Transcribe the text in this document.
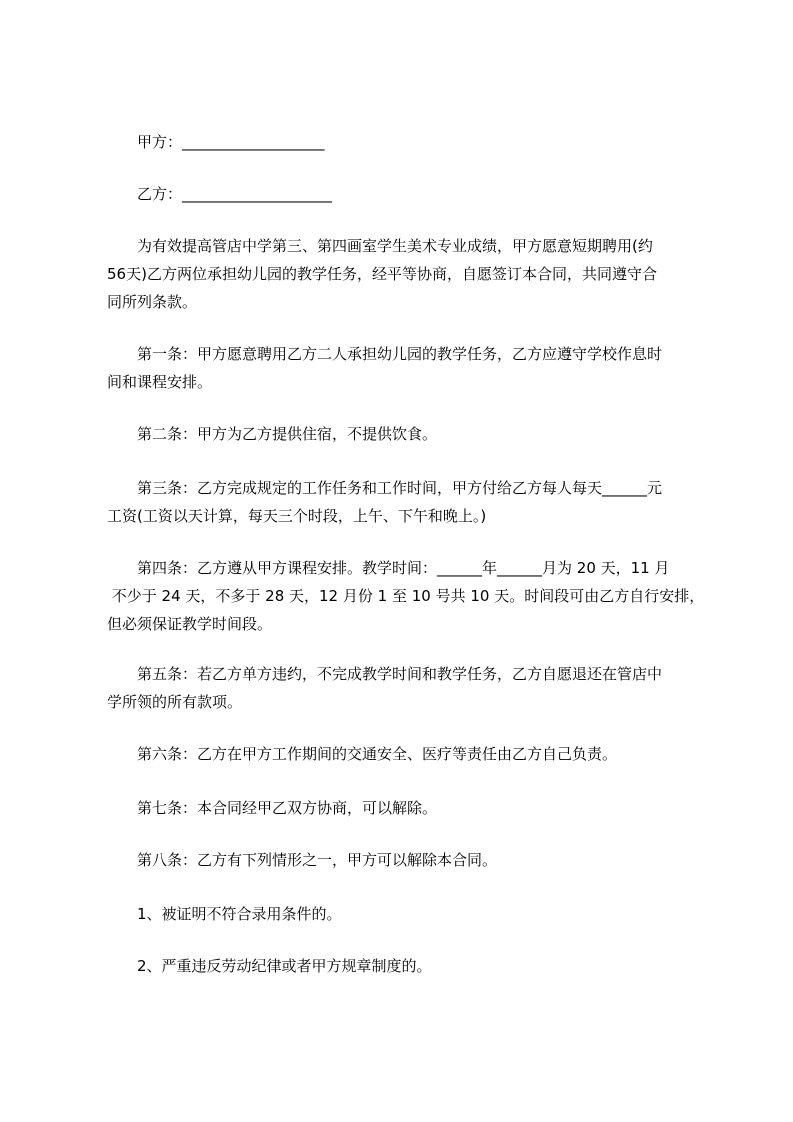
甲方：___________________
乙方：____________________
为有效提高管店中学第三、第四画室学生美术专业成绩，甲方愿意短期聘用(约
56天)乙方两位承担幼儿园的教学任务，经平等协商，自愿签订本合同，共同遵守合
同所列条款。
第一条：甲方愿意聘用乙方二人承担幼儿园的教学任务，乙方应遵守学校作息时
间和课程安排。
第二条：甲方为乙方提供住宿，不提供饮食。
第三条：乙方完成规定的工作任务和工作时间，甲方付给乙方每人每天______元
工资(工资以天计算，每天三个时段，上午、下午和晚上。)
第四条：乙方遵从甲方课程安排。教学时间：______年______月为 20 天，11 月
不少于 24 天，不多于 28 天，12 月份 1 至 10 号共 10 天。时间段可由乙方自行安排，
但必须保证教学时间段。
第五条：若乙方单方违约，不完成教学时间和教学任务，乙方自愿退还在管店中
学所领的所有款项。
第六条：乙方在甲方工作期间的交通安全、医疗等责任由乙方自己负责。
第七条：本合同经甲乙双方协商，可以解除。
第八条：乙方有下列情形之一，甲方可以解除本合同。
1、被证明不符合录用条件的。
2、严重违反劳动纪律或者甲方规章制度的。
